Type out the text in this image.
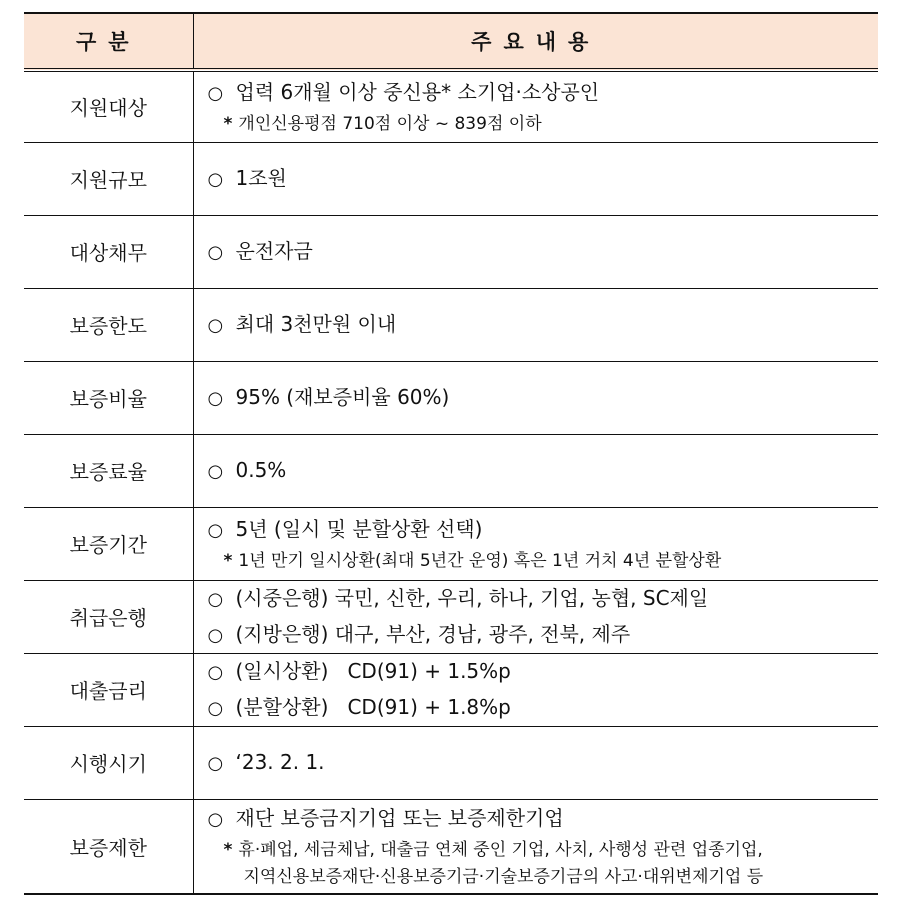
구분	주요내용
지원대상	○ 업력 6개월 이상 중신용* 소기업·소상공인
* 개인신용평점 710점 이상 ~ 839점 이하

지원규모	○ 1조원

대상채무	○ 운전자금

보증한도	○ 최대 3천만원 이내

보증비율	○ 95% (재보증비율 60%)

보증료율	○ 0.5%

보증기간	○ 5년 (일시 및 분할상환 선택)
* 1년 만기 일시상환(최대 5년간 운영) 혹은 1년 거치 4년 분할상환

취급은행	○ (시중은행) 국민, 신한, 우리, 하나, 기업, 농협, SC제일
○ (지방은행) 대구, 부산, 경남, 광주, 전북, 제주

대출금리	○ (일시상환)   CD(91) + 1.5%p
○ (분할상환)   CD(91) + 1.8%p

시행시기	○ ‘23. 2. 1.

보증제한	○ 재단 보증금지기업 또는 보증제한기업
* 휴·폐업, 세금체납, 대출금 연체 중인 기업, 사치, 사행성 관련 업종기업,
지역신용보증재단·신용보증기금·기술보증기금의 사고·대위변제기업 등
